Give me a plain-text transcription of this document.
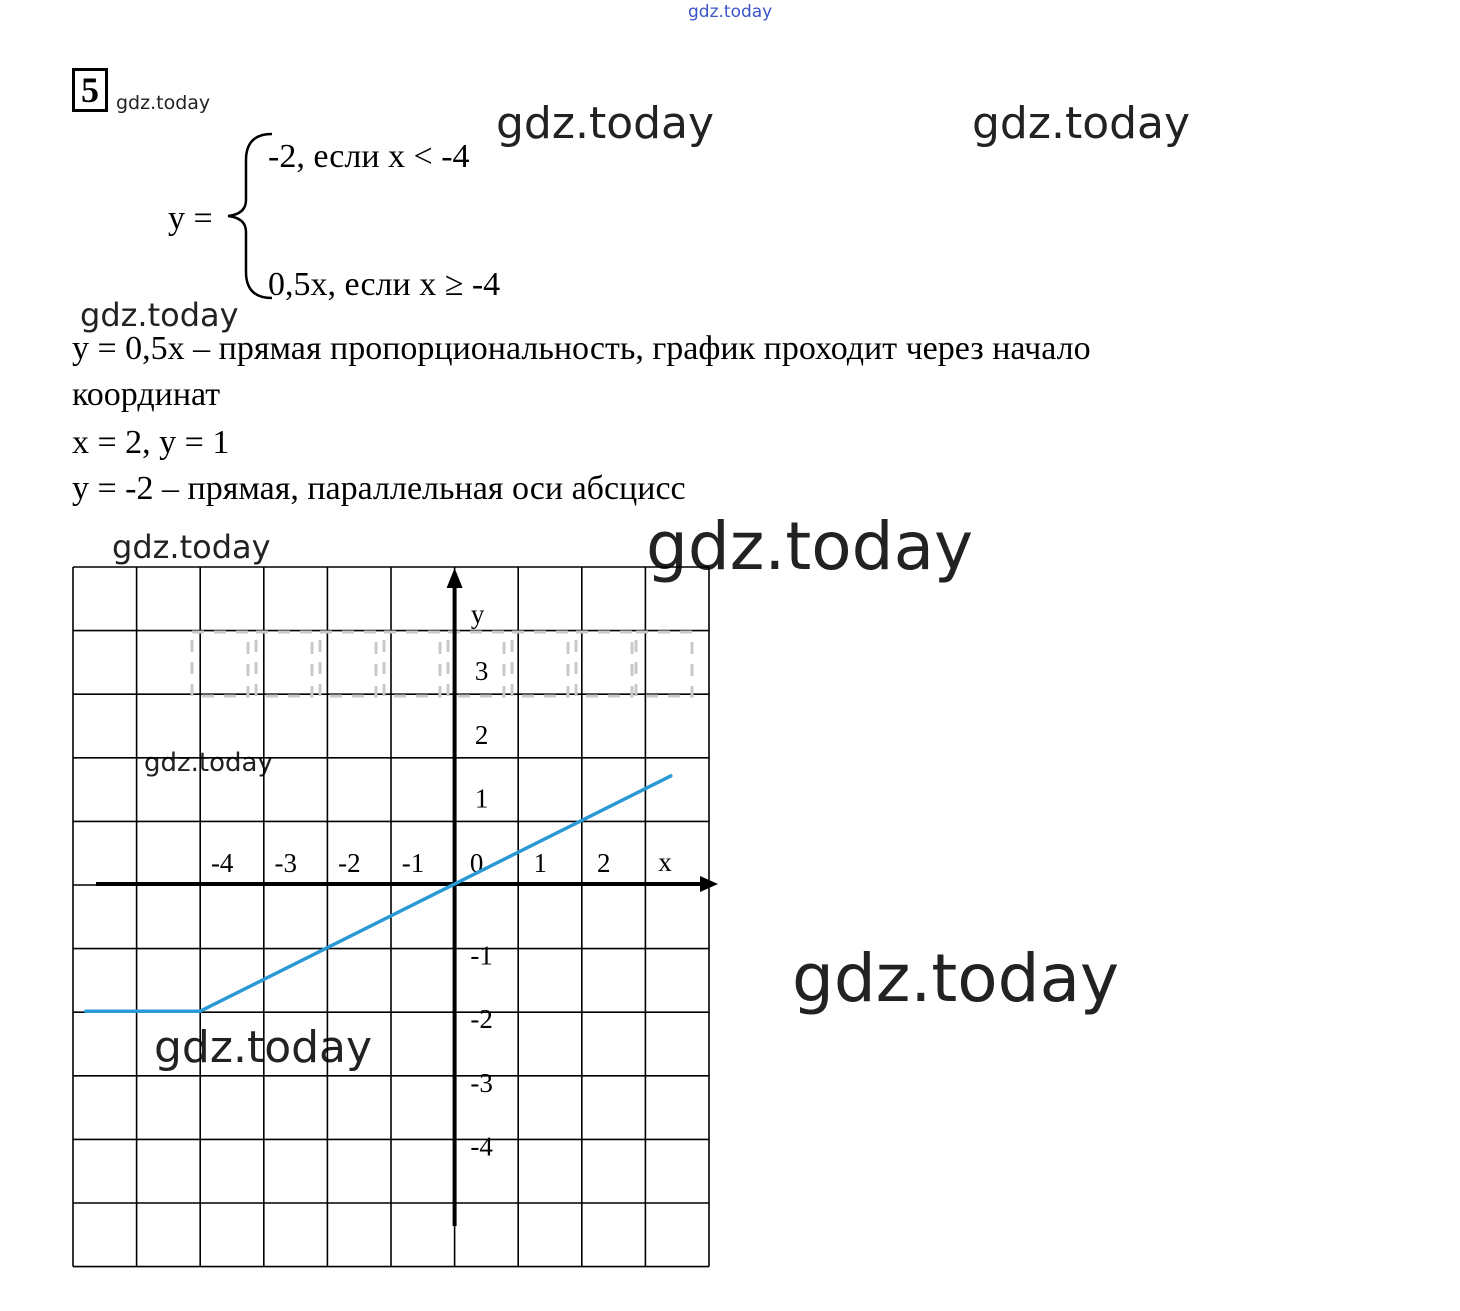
gdz.today
5 gdz.today
y =
-2, если x < -4
0,5x, если x ≥ -4
y = 0,5x – прямая пропорциональность, график проходит через начало
координат
x = 2, y = 1
y = -2 – прямая, параллельная оси абсцисс
gdz.today	gdz.today
gdz.today
gdz.today	gdz.today
gdz.today
gdz.today
gdz.today
y
x
-4 -3 -2 -1 0 1 2
3
2
1
-1
-2
-3
-4
